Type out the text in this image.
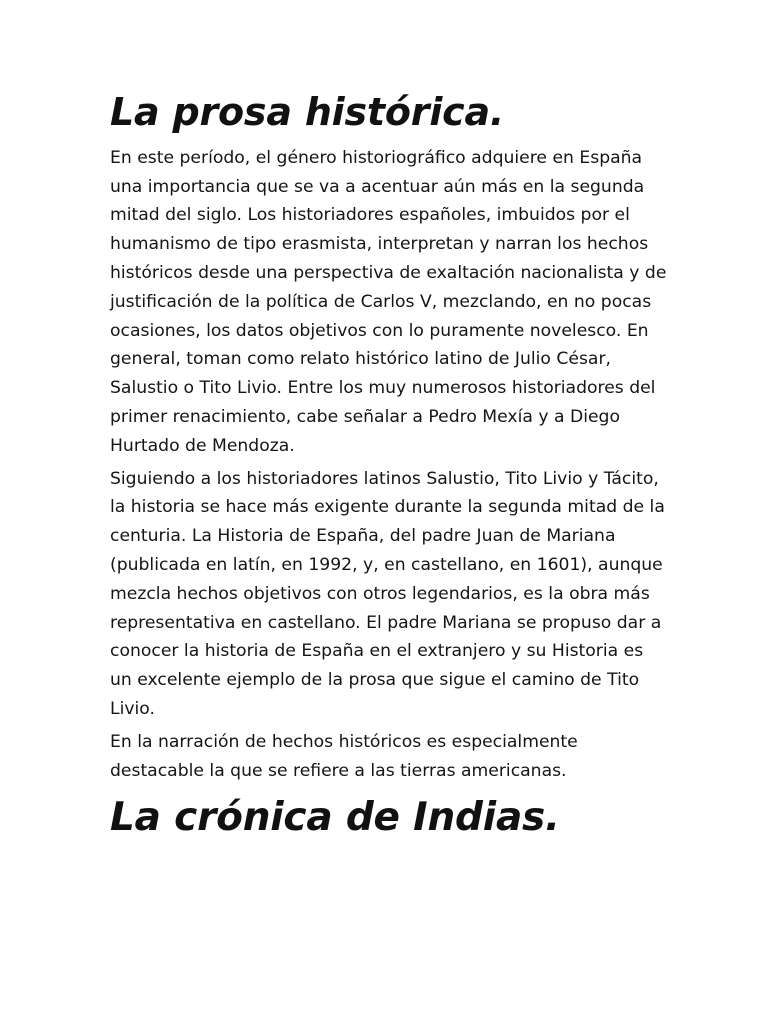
La prosa histórica.

En este período, el género historiográfico adquiere en España una importancia que se va a acentuar aún más en la segunda mitad del siglo. Los historiadores españoles, imbuidos por el humanismo de tipo erasmista, interpretan y narran los hechos históricos desde una perspectiva de exaltación nacionalista y de justificación de la política de Carlos V, mezclando, en no pocas ocasiones, los datos objetivos con lo puramente novelesco. En general, toman como relato histórico latino de Julio César, Salustio o Tito Livio. Entre los muy numerosos historiadores del primer renacimiento, cabe señalar a Pedro Mexía y a Diego Hurtado de Mendoza.

Siguiendo a los historiadores latinos Salustio, Tito Livio y Tácito, la historia se hace más exigente durante la segunda mitad de la centuria. La Historia de España, del padre Juan de Mariana (publicada en latín, en 1992, y, en castellano, en 1601), aunque mezcla hechos objetivos con otros legendarios, es la obra más representativa en castellano. El padre Mariana se propuso dar a conocer la historia de España en el extranjero y su Historia es un excelente ejemplo de la prosa que sigue el camino de Tito Livio.

En la narración de hechos históricos es especialmente destacable la que se refiere a las tierras americanas.

La crónica de Indias.
